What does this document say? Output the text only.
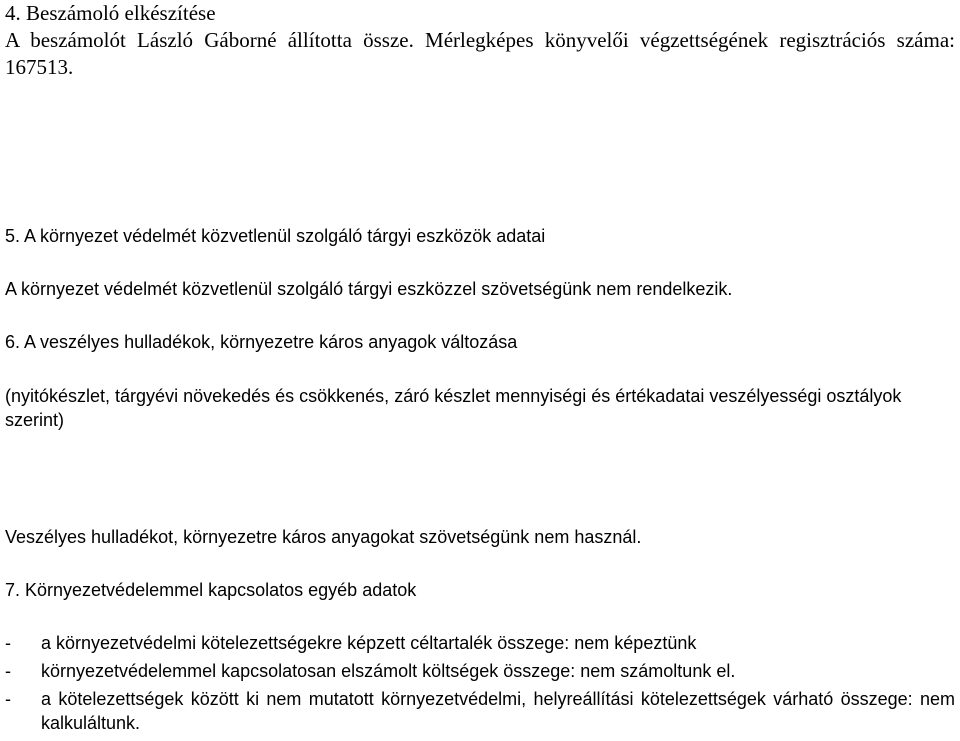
4. Beszámoló elkészítése

A beszámolót László Gáborné állította össze. Mérlegképes könyvelői végzettségének regisztrációs száma: 167513.

5. A környezet védelmét közvetlenül szolgáló tárgyi eszközök adatai
A környezet védelmét közvetlenül szolgáló tárgyi eszközzel szövetségünk nem rendelkezik.
6. A veszélyes hulladékok, környezetre káros anyagok változása

(nyitókészlet, tárgyévi növekedés és csökkenés, záró készlet mennyiségi és értékadatai veszélyességi osztályok szerint)

Veszélyes hulladékot, környezetre káros anyagokat szövetségünk nem használ.
7. Környezetvédelemmel kapcsolatos egyéb adatok
- a környezetvédelmi kötelezettségekre képzett céltartalék összege: nem képeztünk
- környezetvédelemmel kapcsolatosan elszámolt költségek összege: nem számoltunk el.
- a kötelezettségek között ki nem mutatott környezetvédelmi, helyreállítási kötelezettségek várható összege: nem kalkuláltunk.
